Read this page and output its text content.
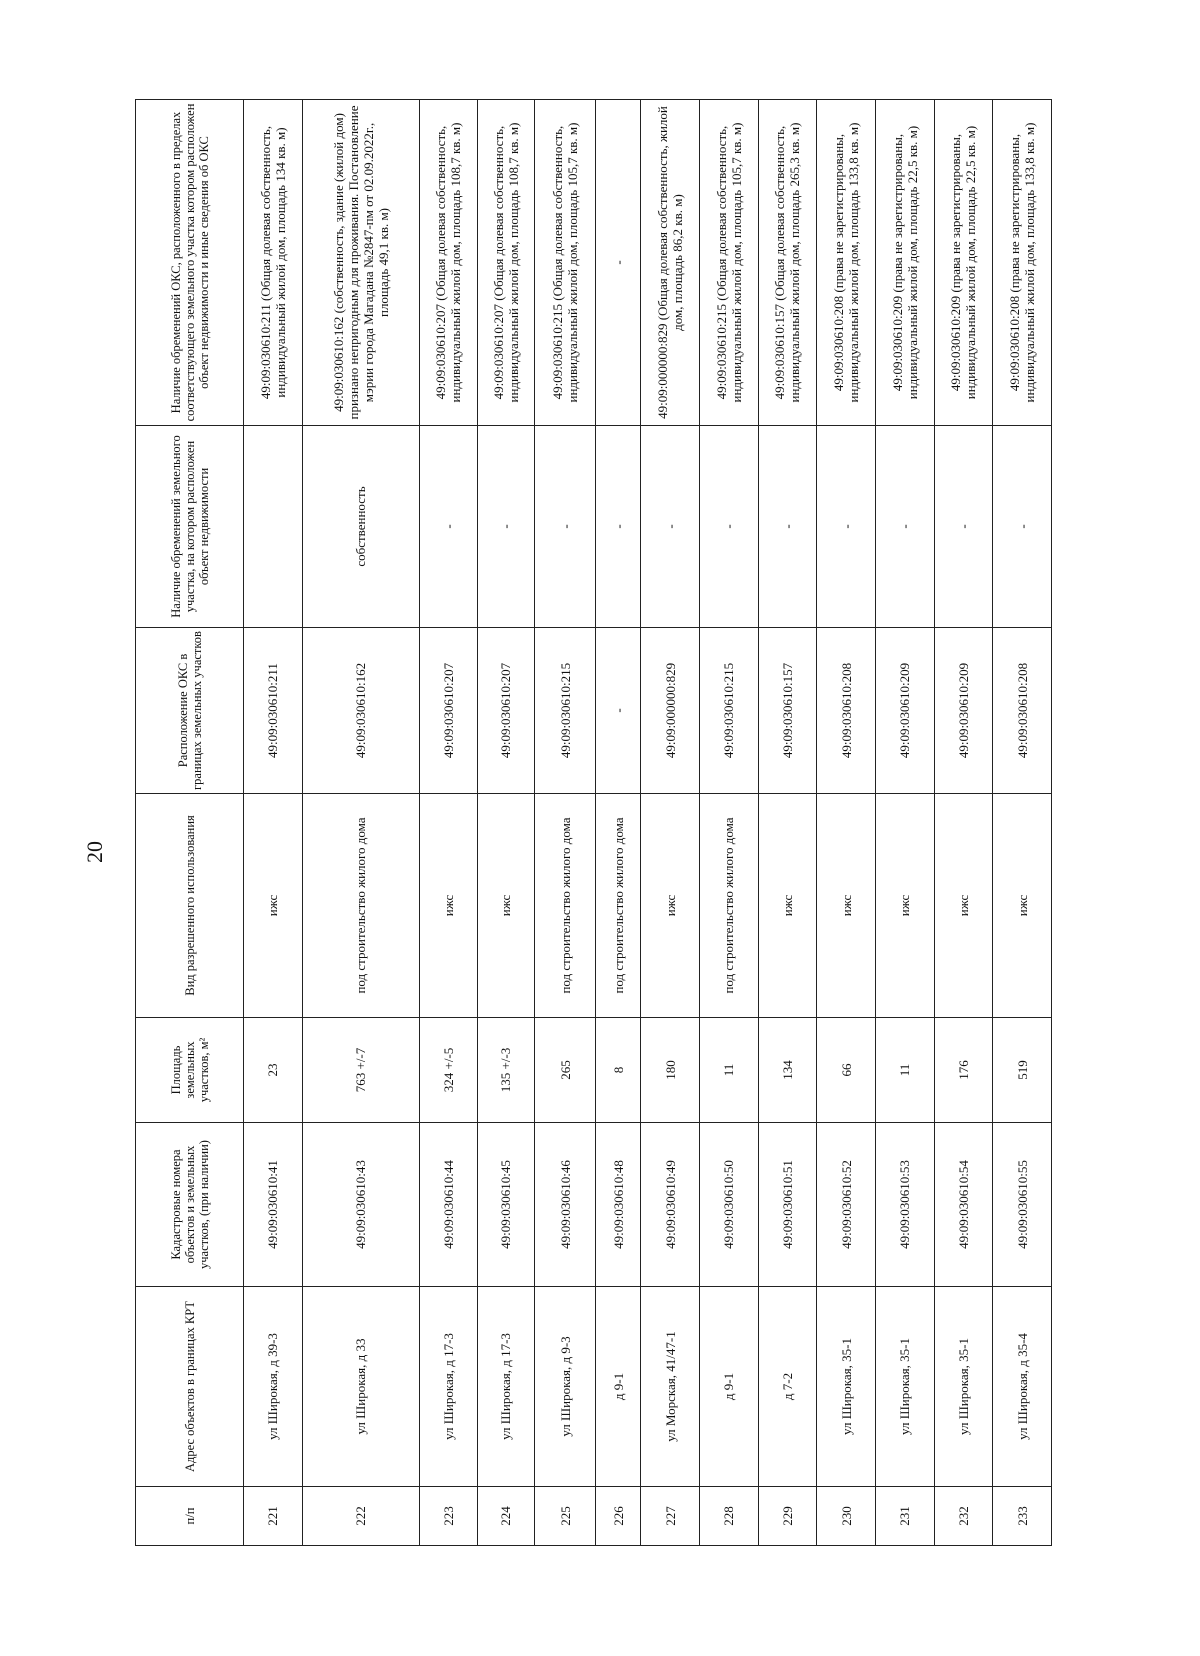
20
п/п	Адрес объектов в границах КРТ	Кадастровые номера объектов и земельных участков, (при наличии)	Площадь земельных участков, м²	Вид разрешенного использования	Расположение ОКС в границах земельных участков	Наличие обременений земельного участка, на котором расположен объект недвижимости	Наличие обременений ОКС, расположенного в пределах соответствующего земельного участка котором расположен объект недвижимости и иные сведения об ОКС
221	ул Широкая, д 39-3	49:09:030610:41	23	ижс	49:09:030610:211		49:09:030610:211 (Общая долевая собственность, индивидуальный жилой дом, площадь 134 кв. м)
222	ул Широкая, д 33	49:09:030610:43	763 +/-7	под строительство жилого дома	49:09:030610:162	собственность	49:09:030610:162 (собственность, здание (жилой дом) признано непригодным для проживания. Постановление мэрии города Магадана №2847-пм от 02.09.2022г., площадь 49,1 кв. м)
223	ул Широкая, д 17-3	49:09:030610:44	324 +/-5	ижс	49:09:030610:207	-	49:09:030610:207 (Общая долевая собственность, индивидуальный жилой дом, площадь 108,7 кв. м)
224	ул Широкая, д 17-3	49:09:030610:45	135 +/-3	ижс	49:09:030610:207	-	49:09:030610:207 (Общая долевая собственность, индивидуальный жилой дом, площадь 108,7 кв. м)
225	ул Широкая, д 9-3	49:09:030610:46	265	под строительство жилого дома	49:09:030610:215	-	49:09:030610:215 (Общая долевая собственность, индивидуальный жилой дом, площадь 105,7 кв. м)
226	д 9-1	49:09:030610:48	8	под строительство жилого дома	-	-	-
227	ул Морская, 41/47-1	49:09:030610:49	180	ижс	49:09:000000:829	-	49:09:000000:829 (Общая долевая собственность, жилой дом, площадь 86,2 кв. м)
228	д 9-1	49:09:030610:50	11	под строительство жилого дома	49:09:030610:215	-	49:09:030610:215 (Общая долевая собственность, индивидуальный жилой дом, площадь 105,7 кв. м)
229	д 7-2	49:09:030610:51	134	ижс	49:09:030610:157	-	49:09:030610:157 (Общая долевая собственность, индивидуальный жилой дом, площадь 265,3 кв. м)
230	ул Широкая, 35-1	49:09:030610:52	66	ижс	49:09:030610:208	-	49:09:030610:208 (права не зарегистрированы, индивидуальный жилой дом, площадь 133,8 кв. м)
231	ул Широкая, 35-1	49:09:030610:53	11	ижс	49:09:030610:209	-	49:09:030610:209 (права не зарегистрированы, индивидуальный жилой дом, площадь 22,5 кв. м)
232	ул Широкая, 35-1	49:09:030610:54	176	ижс	49:09:030610:209	-	49:09:030610:209 (права не зарегистрированы, индивидуальный жилой дом, площадь 22,5 кв. м)
233	ул Широкая, д 35-4	49:09:030610:55	519	ижс	49:09:030610:208	-	49:09:030610:208 (права не зарегистрированы, индивидуальный жилой дом, площадь 133,8 кв. м)
